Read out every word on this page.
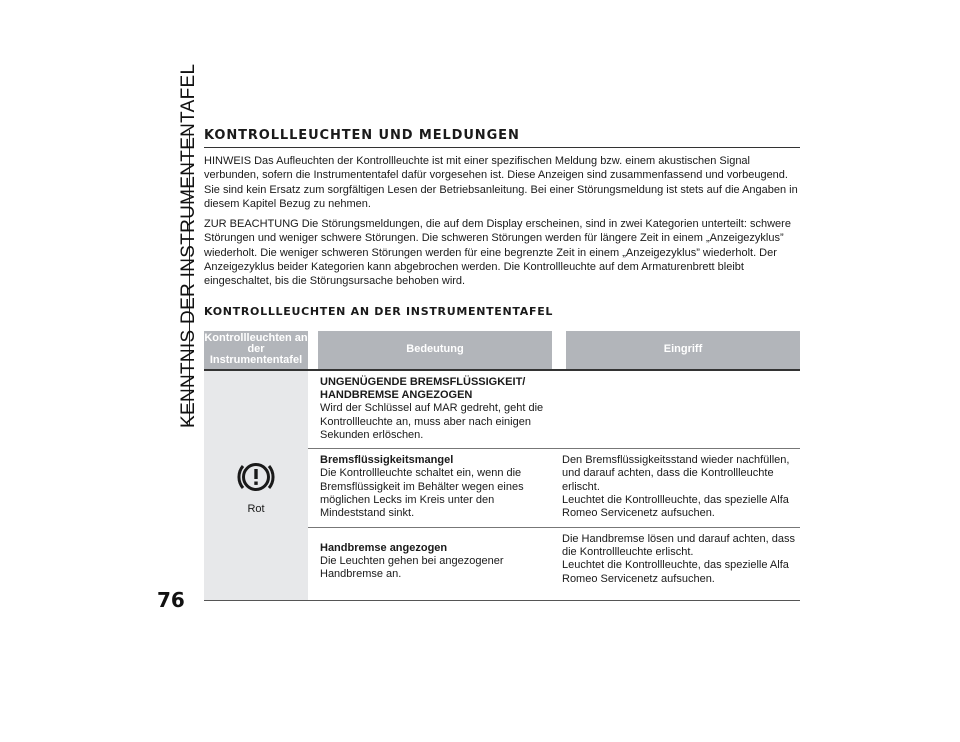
KENNTNIS DER INSTRUMENTENTAFEL
76
KONTROLLLEUCHTEN UND MELDUNGEN

HINWEIS Das Aufleuchten der Kontrollleuchte ist mit einer spezifischen Meldung bzw. einem akustischen Signal verbunden, sofern die Instrumententafel dafür vorgesehen ist. Diese Anzeigen sind zusammenfassend und vorbeugend. Sie sind kein Ersatz zum sorgfältigen Lesen der Betriebsanleitung. Bei einer Störungsmeldung ist stets auf die Angaben in diesem Kapitel Bezug zu nehmen.

ZUR BEACHTUNG Die Störungsmeldungen, die auf dem Display erscheinen, sind in zwei Kategorien unterteilt: schwere Störungen und weniger schwere Störungen. Die schweren Störungen werden für längere Zeit in einem „Anzeigezyklus” wiederholt. Die weniger schweren Störungen werden für eine begrenzte Zeit in einem „Anzeigezyklus” wiederholt. Der Anzeigezyklus beider Kategorien kann abgebrochen werden. Die Kontrollleuchte auf dem Armaturenbrett bleibt eingeschaltet, bis die Störungsursache behoben wird.

KONTROLLLEUCHTEN AN DER INSTRUMENTENTAFEL
Kontrollleuchten an der Instrumententafel
Bedeutung	Eingriff
Rot
UNGENÜGENDE BREMSFLÜSSIGKEIT/ HANDBREMSE ANGEZOGEN
Wird der Schlüssel auf MAR gedreht, geht die Kontrollleuchte an, muss aber nach einigen Sekunden erlöschen.
Bremsflüssigkeitsmangel
Die Kontrollleuchte schaltet ein, wenn die Bremsflüssigkeit im Behälter wegen eines möglichen Lecks im Kreis unter den Mindeststand sinkt.
Den Bremsflüssigkeitsstand wieder nachfüllen, und darauf achten, dass die Kontrollleuchte erlischt.
Leuchtet die Kontrollleuchte, das spezielle Alfa Romeo Servicenetz aufsuchen.
Handbremse angezogen
Die Leuchten gehen bei angezogener Handbremse an.
Die Handbremse lösen und darauf achten, dass die Kontrollleuchte erlischt.
Leuchtet die Kontrollleuchte, das spezielle Alfa Romeo Servicenetz aufsuchen.
